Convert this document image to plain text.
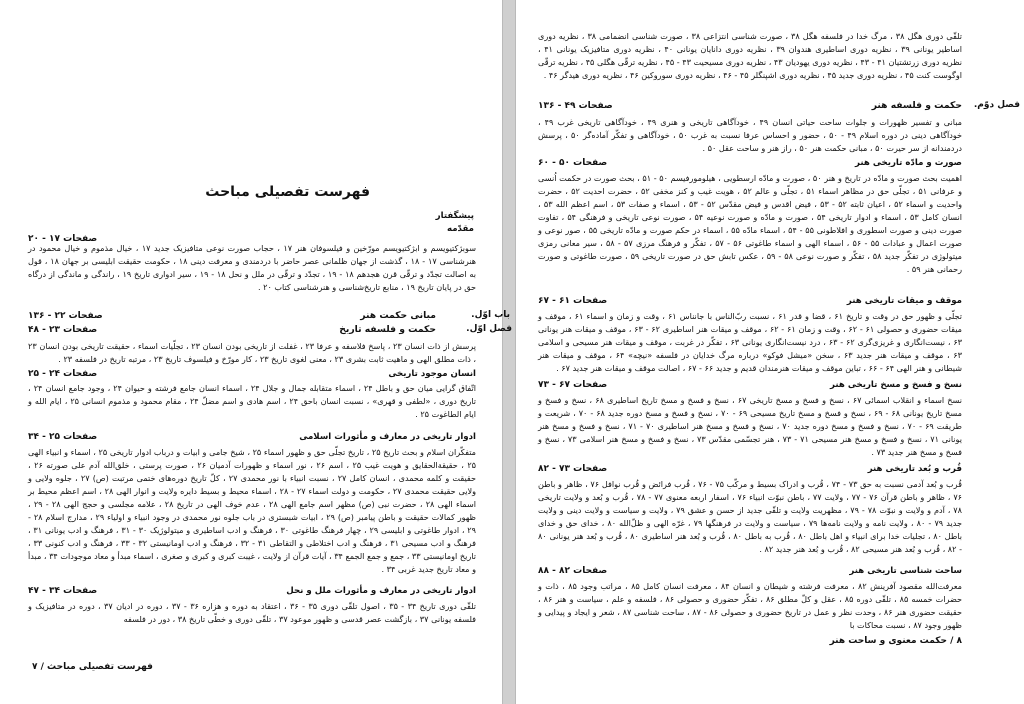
فهرست تفصیلی مباحث
پیشگفتار
مقدّمه
صفحات ۱۷ - ۲۰
سوبژکتیویسم و ابژکتیویسم مورّخین و فیلسوفان هنر ۱۷ ، حجاب صورت نوعی متافیزیک جدید ۱۷ ، خیال مذموم و خیال محمود در هنرشناسی ۱۷ - ۱۸ ، گذشت از جهان ظلمانی عصر حاضر با دردمندی و معرفت دینی ۱۸ ، حکومت حقیقت ابلیسی بر جهان ۱۸ ، قول به اصالت تجدّد و ترقّی قرن هجدهم ۱۸ - ۱۹ ، تجدّد و ترقّی در ملل و نحل ۱۸ - ۱۹ ، سیر ادواری تاریخ ۱۹ ، راندگی و ماندگی از درگاه حق در پایان تاریخ ۱۹ ، منابع تاریخ‌شناسی و هنرشناسی کتاب ۲۰ .
صفحات ۲۲ - ۱۳۶	مبانی حکمت هنر	باب اوّل.
صفحات ۲۳ - ۴۸	حکمت و فلسفه تاریخ	فصل اوّل.
پرسش از ذات انسان ۲۳ ، پاسخ فلاسفه و عرفا ۲۳ ، غفلت از تاریخی بودن انسان ۲۳ ، تجلّیات اسماء ، حقیقت تاریخی بودن انسان ۲۳ ، ذات مطلق الهی و ماهیت ثابت بشری ۲۳ ، معنی لغوی تاریخ ۲۳ ، کار مورّخ و فیلسوف تاریخ ۲۳ ، مرتبه تاریخ در فلسفه ۲۳ .
صفحات ۲۴ - ۲۵	انسان موجود تاریخی
اتّفاق گرایی میان حق و باطل ۲۴ ، اسماء متقابله جمال و جلال ۲۴ ، اسماء انسان جامع فرشته و حیوان ۲۴ ، وجود جامع انسان ۲۴ ، تاریخ دوری ، «لطفی و قهری» ، نسبت انسان باحق ۲۴ ، اسم هادی و اسم مضلّ ۲۴ ، مقام محمود و مذموم انسانی ۲۵ ، ایام الله و ایام الطاغوت ۲۵ .
صفحات ۲۵ - ۳۴	ادوار تاریخی در معارف و مأثورات اسلامی
متفکّران اسلام و بحث تاریخ ۲۵ ، تاریخ تجلّی حق و ظهور اسماء ۲۵ ، شیخ جامی و ابیات و درباب ادوار تاریخی ۲۵ ، اسماء و انبیاء الهی ۲۵ ، حقیقةالحقایق و هویت غیب ۲۵ ، اسم ۲۶ ، نور اسماء و ظهورات آدمیان ۲۶ ، صورت پرستی ، خلق‌الله آدم علی صورته ۲۶ ، حقیقت و کلمه محمدی ، انسان کامل ۲۷ ، نسبت انبیاء با نور محمدی ۲۷ ، کلّ تاریخ دوره‌های ختمی مرتبت (ص) ۲۷ ، جلوه ولایی و ولایی حقیقت محمدی ۲۷ ، حکومت و دولت اسماء ۲۷ - ۲۸ ، اسماء محیط و بسیط دایره ولایت و انوار الهی ۲۸ ، اسم اعظم محیط بر اسماء الهی ۲۸ ، حضرت نبی (ص) مظهر اسم جامع الهی ۲۸ ، عدم خوف الهی در تاریخ ۲۸ ، علامه مجلسی و حجج الهی ۲۸ - ۲۹ ، ظهور کمالات حقیقت و باطن پیامبر (ص) ۲۹ ، ابیات شبستری در باب جلوه نور محمدی در وجود انبیاء و اولیاء ۲۹ ، مدارج اسلام ۲۸ - ۲۹ ، ادوار طاغوتی و ابلیسی ۲۹ ، چهار فرهنگ طاغوتی ۳۰ ، فرهنگ و ادب اساطیری و میتولوژیک ۳۰ - ۳۱ ، فرهنگ و ادب یونانی ۳۱ ، فرهنگ و ادب مسیحی ۳۱ ، فرهنگ و ادب اختلاطی و التقاطی ۳۱ - ۳۲ ، فرهنگ و ادب اومانیستی ۳۲ - ۳۳ ، فرهنگ و ادب کنونی ۳۳ ، تاریخ اومانیستی ۳۳ ، جمع و جمع الجمع ۳۴ ، آیات قرآن از ولایت ، غیبت کبری و کبری و صغری ، اسماء مبدأ و معاد موجودات ۳۴ ، مبدأ و معاد تاریخ جدید غربی ۳۴ .
صفحات ۳۴ - ۴۷	ادوار تاریخی در معارف و مأثورات ملل و نحل
تلقّی دوری تاریخ ۳۴ - ۳۵ ، اصول تلقّی دوری ۳۵ - ۳۶ ، اعتقاد به دوره و هزاره ۳۶ - ۳۷ ، دوره در ادیان ۳۷ ، دوره در متافیزیک و فلسفه یونانی ۳۷ ، بازگشت عصر قدسی و ظهور موعود ۳۷ ، تلقّی دوری و خطّی تاریخ ۳۸ ، دور در فلسفه
فهرست تفصیلی مباحث / ۷
تلقّی دوری هگل ۳۸ ، مرگ خدا در فلسفه هگل ۳۸ ، صورت شناسی انتزاعی ۳۸ ، صورت شناسی انضمامی ۳۸ ، نظریه دوری اساطیر یونانی ۳۹ ، نظریه دوری اساطیری هندوان ۳۹ ، نظریه دوری دانایان یونانی ۴۰ ، نظریه دوری متافیزیک یونانی ۴۱ ، نظریه دوری زرتشتیان ۴۱ - ۴۳ ، نظریه دوری یهودیان ۴۳ ، نظریه دوری مسیحیت ۴۳ - ۴۵ ، نظریه ترقّی هگلی ۴۵ ، نظریه ترقّی اوگوست کنت ۴۵ ، نظریه دوری جدید ۴۵ ، نظریه دوری اشپنگلر ۴۵ - ۴۶ ، نظریه دوری سوروکین ۴۶ ، نظریه دوری هیدگر ۴۶ .
صفحات ۴۹ - ۱۳۶	حکمت و فلسفه هنر فصل دوّم.
مبانی و تفسیر ظهورات و جلوات ساحت حیاتی انسان ۴۹ ، خودآگاهی تاریخی و هنری ۴۹ ، خودآگاهی تاریخی غرب ۴۹ ، خودآگاهی دینی در دوره اسلام ۴۹ - ۵۰ ، حضور و احساس عرفا نسبت به غرب ۵۰ ، خودآگاهی و تفکّر آماده‌گر ۵۰ ، پرسش دردمندانه از سر حیرت ۵۰ ، مبانی حکمت هنر ۵۰ ، راز هنر و ساحت عقل ۵۰ .
صفحات ۵۰ - ۶۰	صورت و مادّه تاریخی هنر
اهمیت بحث صورت و مادّه در تاریخ و هنر ۵۰ ، صورت و مادّه ارسطویی ، هیلومورفیسم ۵۰ - ۵۱ ، بحث صورت در حکمت اُنسی و عرفانی ۵۱ ، تجلّی حق در مظاهر اسماء ۵۱ ، تجلّی و عالم ۵۲ ، هویت غیب و کنز مخفی ۵۲ ، حضرت احدیت ۵۲ ، حضرت واحدیت و اسماء ۵۲ ، اعیان ثابته ۵۲ - ۵۳ ، فیض اقدس و فیض مقدّس ۵۲ - ۵۳ ، اسماء و صفات ۵۳ ، اسم اعظم الله ۵۳ ، انسان کامل ۵۳ ، اسماء و ادوار تاریخی ۵۴ ، صورت و مادّه و صورت نوعیه ۵۴ ، صورت نوعی تاریخی و فرهنگی ۵۴ ، تفاوت صورت دینی و صورت اسطوری و افلاطونی ۵۵ - ۵۴ ، اسماء مادّه ۵۵ ، اسماء در حکم صورت و مادّه تاریخی ۵۵ ، صور نوعی و صورت اعمال و عبادات ۵۵ - ۵۶ ، اسماء الهی و اسماء طاغوتی ۵۶ - ۵۷ ، تفکّر و فرهنگ مرزی ۵۷ - ۵۸ ، سیر معانی رمزی میتولوژی در تفکّر جدید ۵۸ ، تفکّر و صورت نوعی ۵۸ - ۵۹ ، عکس تابش حق در صورت تاریخی ۵۹ ، صورت طاغوتی و صورت رحمانی هنر ۵۹ .
صفحات ۶۱ - ۶۷	موقف و میقات تاریخی هنر
تجلّی و ظهور حق در وقت و تاریخ ۶۱ ، قضا و قدر ۶۱ ، نسبت ربّ‌الناس با جانناس ۶۱ ، وقت و زمان و اسماء ۶۱ ، موقف و میقات حضوری و حصولی ۶۱ - ۶۲ ، وقت و زمان ۶۱ - ۶۲ ، موقف و میقات هنر اساطیری ۶۲ - ۶۳ ، موقف و میقات هنر یونانی ۶۳ ، نیست‌انگاری و غریزی‌گری ۶۲ - ۶۳ ، درد نیست‌انگاری یونانی ۶۳ ، تفکّر در غربت ، موقف و میقات هنر مسیحی و اسلامی ۶۳ ، موقف و میقات هنر جدید ۶۳ ، سخن «میشل فوکو» درباره مرگ خدایان در فلسفه «نیچه» ۶۴ ، موقف و میقات هنر شیطانی و هنر الهی ۶۴ - ۶۶ ، تباین موقف و میقات هنرمندان قدیم و جدید ۶۶ - ۶۷ ، اصالت موقف و میقات هنر جدید ۶۷ .
صفحات ۶۷ - ۷۳	نسخ و فسخ و مسخ تاریخی هنر
نسخ اسماء و انقلاب اسمائی ۶۷ ، نسخ و فسخ و مسخ تاریخی ۶۷ ، نسخ و فسخ و مسخ تاریخ اساطیری ۶۸ ، نسخ و فسخ و مسخ تاریخ یونانی ۶۸ - ۶۹ ، نسخ و فسخ و مسخ تاریخ مسیحی ۶۹ - ۷۰ ، نسخ و فسخ و مسخ دوره جدید ۶۸ - ۷۰ ، شریعت و طریقت ۶۹ - ۷۰ ، نسخ و فسخ و مسخ دوره جدید ۷۰ ، نسخ و فسخ و مسخ هنر اساطیری ۷۰ - ۷۱ ، نسخ و فسخ و مسخ هنر یونانی ۷۱ ، نسخ و فسخ و مسخ هنر مسیحی ۷۱ - ۷۳ ، هنر تجسّمی مقدّس ۷۳ ، نسخ و فسخ و مسخ هنر اسلامی ۷۳ ، نسخ و فسخ و مسخ هنر جدید ۷۳ .
صفحات ۷۳ - ۸۲	قُرب و بُعد تاریخی هنر
قُرب و بُعد آدمی نسبت به حق ۷۳ - ۷۴ ، قُرب و ادراک بسیط و مرکّب ۷۵ - ۷۶ ، قُرب فرائض و قُرب نوافل ۷۶ ، ظاهر و باطن ۷۶ ، ظاهر و باطن قرآن ۷۶ - ۷۷ ، ولایت ۷۷ ، باطن نبوّت انبیاء ۷۶ ، اسفار اربعه معنوی ۷۷ - ۷۸ ، قُرب و بُعد و ولایت تاریخی ۷۸ ، آدم و ولایت و نبوّت ۷۸ - ۷۹ ، مظهریت ولایت و تلقّی جدید از حسن و عشق ۷۹ ، ولایت و سیاست و ولایت دینی و ولایت جدید ۷۹ - ۸۰ ، ولایت نامه و ولایت نامه‌ها ۷۹ ، سیاست و ولایت در فرهنگها ۷۹ ، غرّه الهی و ظلّ‌الله ۸۰ ، خدای حق و خدای باطل ۸۰ ، تجلیات خدا برای انبیاء و اهل باطل ۸۰ ، قُرب به باطل ۸۰ ، قُرب و بُعد هنر اساطیری ۸۰ ، قُرب و بُعد هنر یونانی ۸۰ - ۸۲ ، قُرب و بُعد هنر مسیحی ۸۲ ، قُرب و بُعد هنر جدید ۸۲ .
صفحات ۸۲ - ۸۸	ساحت شناسی تاریخی هنر
معرفت‌الله مقصود آفرینش ۸۲ ، معرفت فرشته و شیطان و انسان ۸۴ ، معرفت انسان کامل ۸۵ ، مراتب وجود ۸۵ ، ذات و حضرات خمسه ۸۵ ، تلقّی دوره ۸۵ ، عقل و کلّ مطلق ۸۶ ، تفکّر حضوری و حصولی ۸۶ ، فلسفه و علم ، سیاست و هنر ۸۶ ، حقیقت حضوری هنر ۸۶ ، وحدت نظر و عمل در تاریخ حضوری و حصولی ۸۶ - ۸۷ ، ساحت شناسی ۸۷ ، شعر و ایجاد و پیدایی و ظهور وجود ۸۷ ، نسبت محاکات با
۸ / حکمت معنوی و ساحت هنر
